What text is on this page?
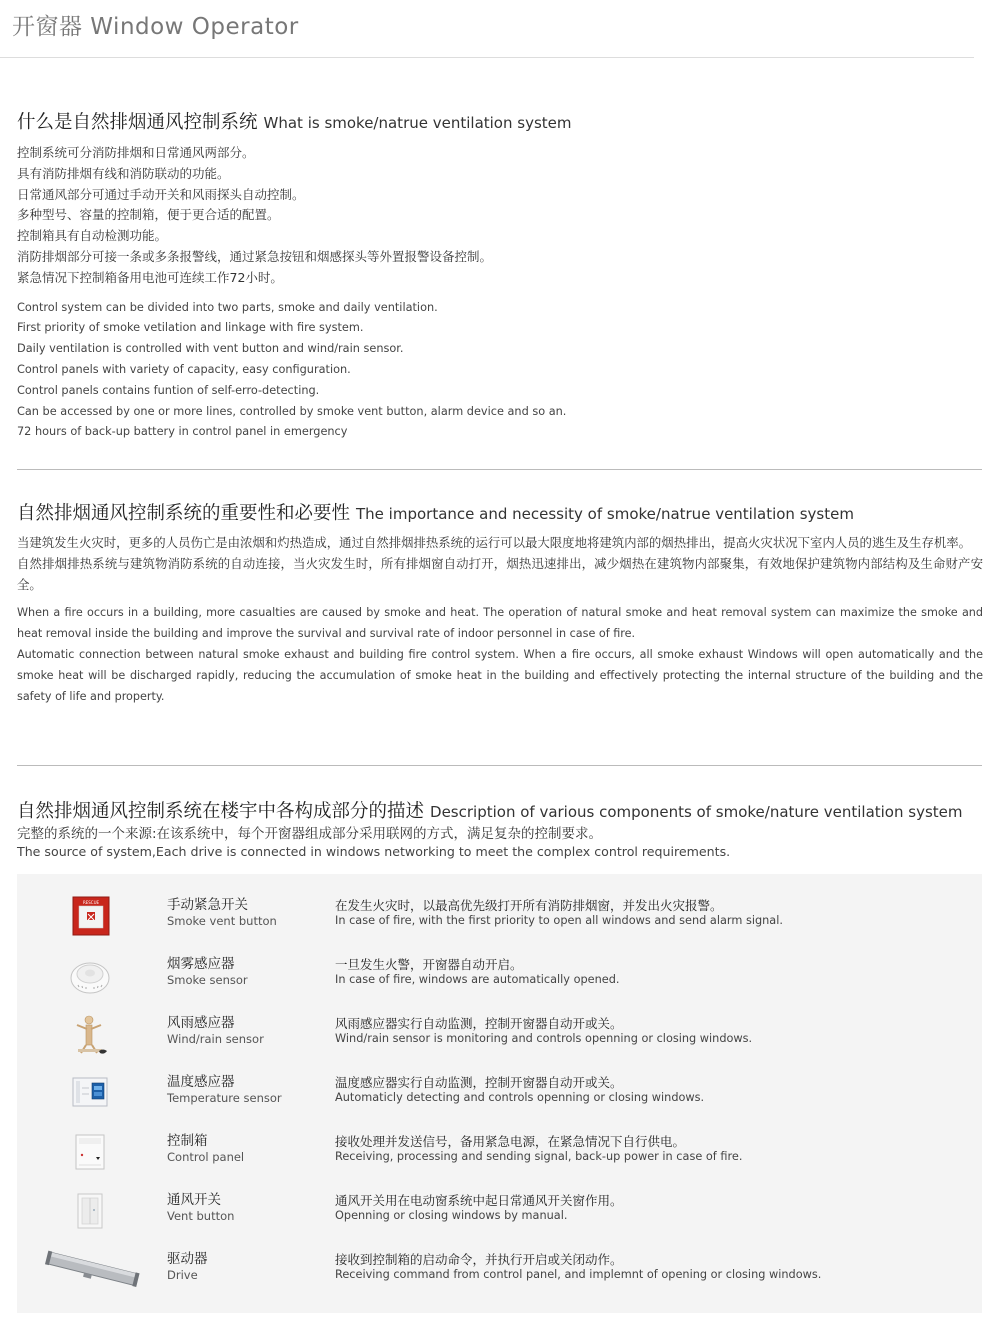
开窗器 Window Operator
什么是自然排烟通风控制系统 What is smoke/natrue ventilation system
控制系统可分消防排烟和日常通风两部分。
具有消防排烟有线和消防联动的功能。
日常通风部分可通过手动开关和风雨探头自动控制。
多种型号、容量的控制箱，便于更合适的配置。
控制箱具有自动检测功能。
消防排烟部分可接一条或多条报警线，通过紧急按钮和烟感探头等外置报警设备控制。
紧急情况下控制箱备用电池可连续工作72小时。
Control system can be divided into two parts, smoke and daily ventilation.
First priority of smoke vetilation and linkage with fire system.
Daily ventilation is controlled with vent button and wind/rain sensor.
Control panels with variety of capacity, easy configuration.
Control panels contains funtion of self-erro-detecting.
Can be accessed by one or more lines, controlled by smoke vent button, alarm device and so an.
72 hours of back-up battery in control panel in emergency
自然排烟通风控制系统的重要性和必要性 The importance and necessity of smoke/natrue ventilation system

当建筑发生火灾时，更多的人员伤亡是由浓烟和灼热造成，通过自然排烟排热系统的运行可以最大限度地将建筑内部的烟热排出，提高火灾状况下室内人员的逃生及生存机率。

自然排烟排热系统与建筑物消防系统的自动连接，当火灾发生时，所有排烟窗自动打开，烟热迅速排出，减少烟热在建筑物内部聚集，有效地保护建筑物内部结构及生命财产安全。

When a fire occurs in a building, more casualties are caused by smoke and heat. The operation of natural smoke and heat removal system can maximize the smoke and heat removal inside the building and improve the survival and survival rate of indoor personnel in case of fire.

Automatic connection between natural smoke exhaust and building fire control system. When a fire occurs, all smoke exhaust Windows will open automatically and the smoke heat will be discharged rapidly, reducing the accumulation of smoke heat in the building and effectively protecting the internal structure of the building and the safety of life and property.

自然排烟通风控制系统在楼宇中各构成部分的描述 Description of various components of smoke/nature ventilation system
完整的系统的一个来源:在该系统中，每个开窗器组成部分采用联网的方式，满足复杂的控制要求。
The source of system,Each drive is connected in windows networking to meet the complex control requirements.
RESCUE	手动紧急开关
Smoke vent button
在发生火灾时，以最高优先级打开所有消防排烟窗，并发出火灾报警。
In case of fire, with the first priority to open all windows and send alarm signal.
烟雾感应器
Smoke sensor
一旦发生火警，开窗器自动开启。
In case of fire, windows are automatically opened.
风雨感应器
Wind/rain sensor
风雨感应器实行自动监测，控制开窗器自动开或关。
Wind/rain sensor is monitoring and controls openning or closing windows.
温度感应器
Temperature sensor
温度感应器实行自动监测，控制开窗器自动开或关。
Automaticly detecting and controls openning or closing windows.
控制箱
Control panel
接收处理并发送信号，备用紧急电源，在紧急情况下自行供电。
Receiving, processing and sending signal, back-up power in case of fire.
通风开关
Vent button
通风开关用在电动窗系统中起日常通风开关窗作用。
Openning or closing windows by manual.
驱动器
Drive
接收到控制箱的启动命令，并执行开启或关闭动作。
Receiving command from control panel, and implemnt of opening or closing windows.
